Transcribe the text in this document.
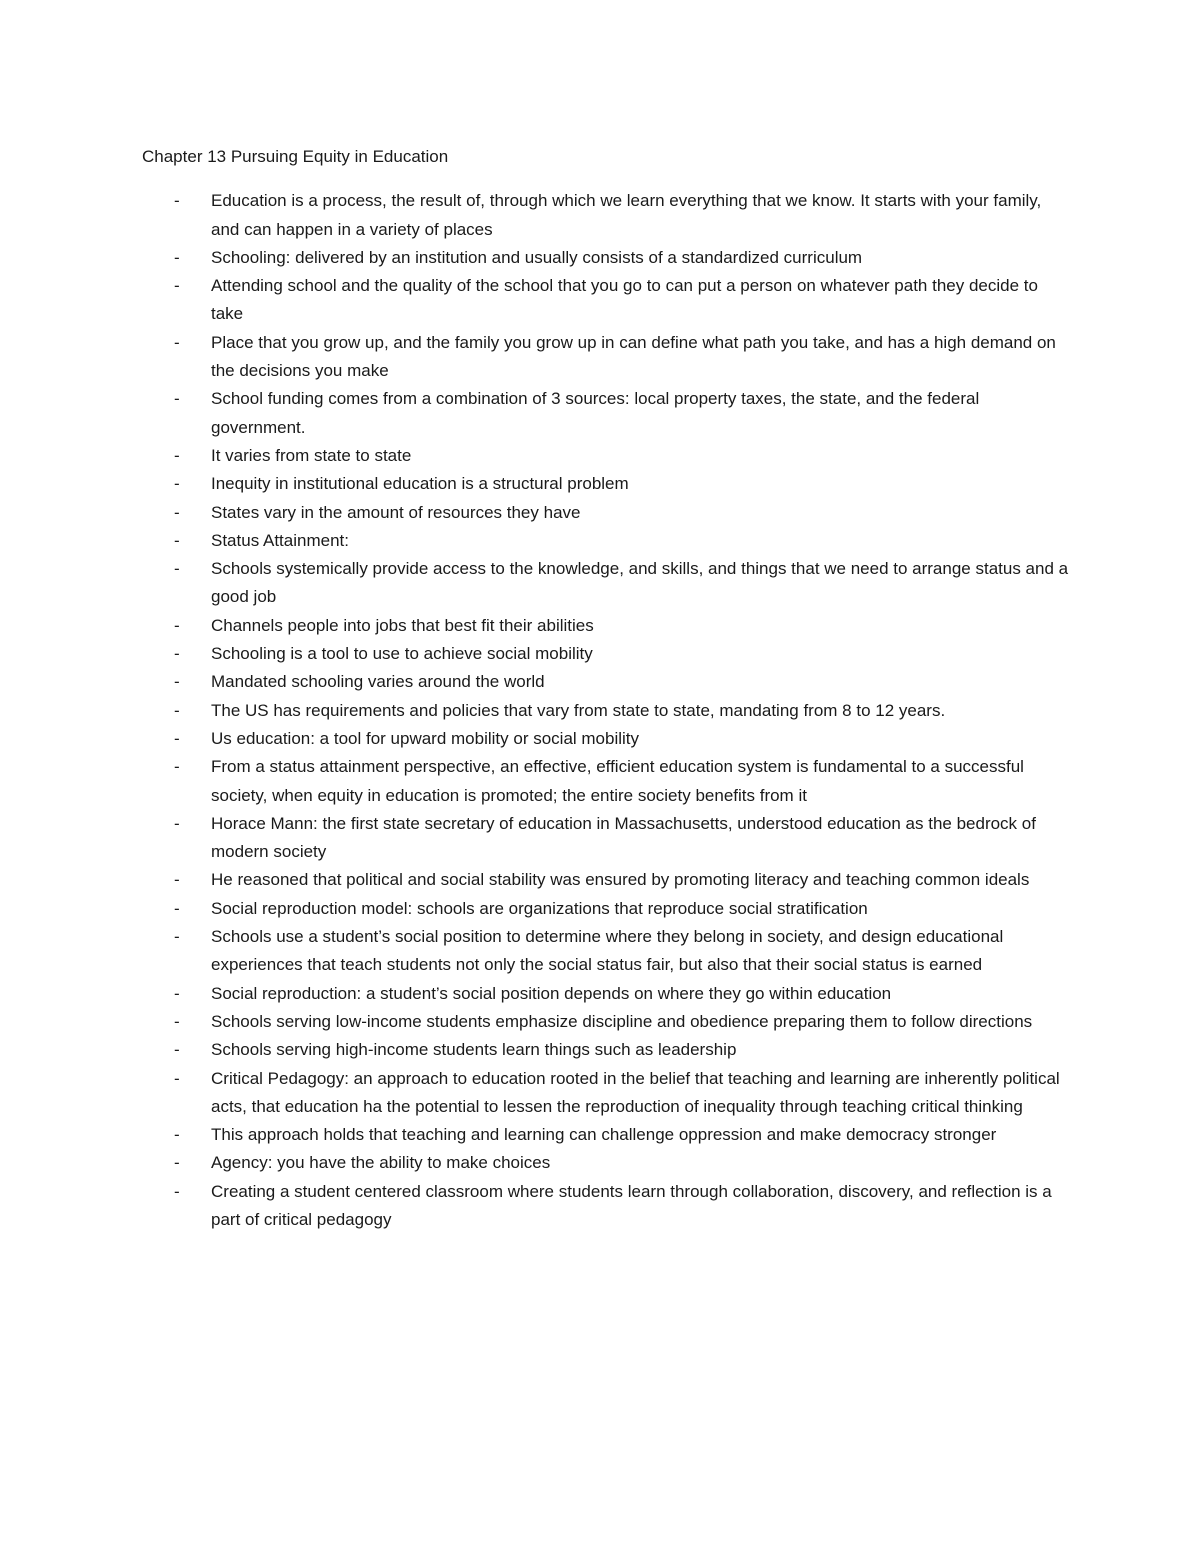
Chapter 13 Pursuing Equity in Education

- Education is a process, the result of, through which we learn everything that we know. It starts with your family, and can happen in a variety of places
- Schooling: delivered by an institution and usually consists of a standardized curriculum
- Attending school and the quality of the school that you go to can put a person on whatever path they decide to take
- Place that you grow up, and the family you grow up in can define what path you take, and has a high demand on the decisions you make
- School funding comes from a combination of 3 sources: local property taxes, the state, and the federal government.
- It varies from state to state
- Inequity in institutional education is a structural problem
- States vary in the amount of resources they have
- Status Attainment:
- Schools systemically provide access to the knowledge, and skills, and things that we need to arrange status and a good job
- Channels people into jobs that best fit their abilities
- Schooling is a tool to use to achieve social mobility
- Mandated schooling varies around the world
- The US has requirements and policies that vary from state to state, mandating from 8 to 12 years.
- Us education: a tool for upward mobility or social mobility
- From a status attainment perspective, an effective, efficient education system is fundamental to a successful society, when equity in education is promoted; the entire society benefits from it
- Horace Mann: the first state secretary of education in Massachusetts, understood education as the bedrock of modern society
- He reasoned that political and social stability was ensured by promoting literacy and teaching common ideals
- Social reproduction model: schools are organizations that reproduce social stratification
- Schools use a student’s social position to determine where they belong in society, and design educational experiences that teach students not only the social status fair, but also that their social status is earned
- Social reproduction: a student’s social position depends on where they go within education
- Schools serving low-income students emphasize discipline and obedience preparing them to follow directions
- Schools serving high-income students learn things such as leadership
- Critical Pedagogy: an approach to education rooted in the belief that teaching and learning are inherently political acts, that education ha the potential to lessen the reproduction of inequality through teaching critical thinking
- This approach holds that teaching and learning can challenge oppression and make democracy stronger
- Agency: you have the ability to make choices
- Creating a student centered classroom where students learn through collaboration, discovery, and reflection is a part of critical pedagogy
